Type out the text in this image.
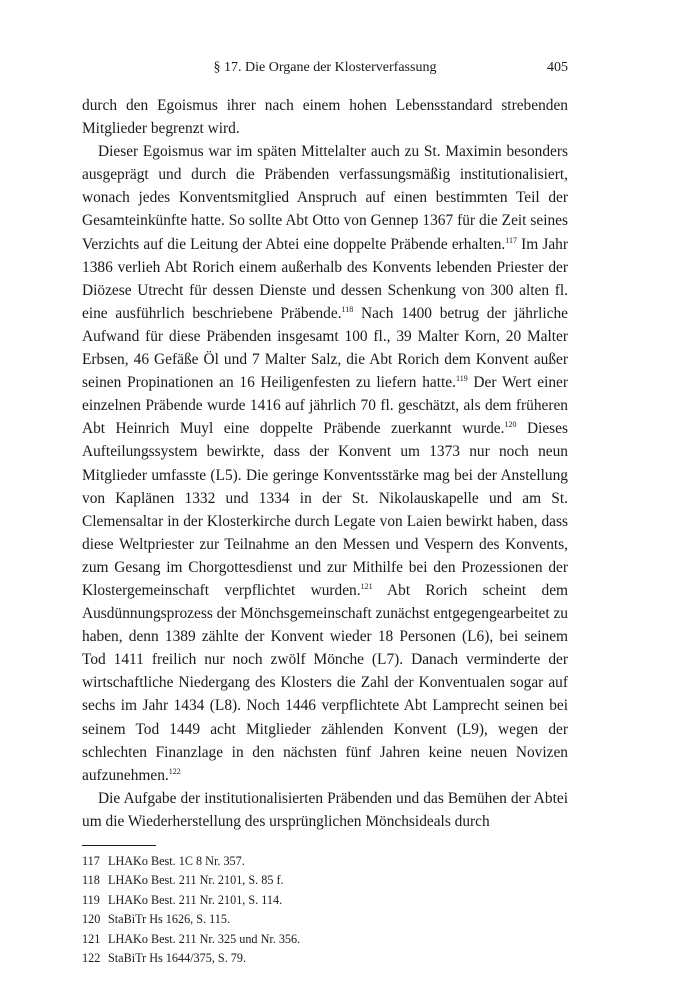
§ 17. Die Organe der Klosterverfassung	405

durch den Egoismus ihrer nach einem hohen Lebensstandard strebenden Mitglieder begrenzt wird.

Dieser Egoismus war im späten Mittelalter auch zu St. Maximin besonders ausgeprägt und durch die Präbenden verfassungsmäßig institutionalisiert, wonach jedes Konventsmitglied Anspruch auf einen bestimmten Teil der Gesamteinkünfte hatte. So sollte Abt Otto von Gennep 1367 für die Zeit seines Verzichts auf die Leitung der Abtei eine doppelte Präbende erhalten.$^{117}$ Im Jahr 1386 verlieh Abt Rorich einem außerhalb des Konvents lebenden Priester der Diözese Utrecht für dessen Dienste und dessen Schenkung von 300 alten fl. eine ausführlich beschriebene Präbende.$^{118}$ Nach 1400 betrug der jährliche Aufwand für diese Präbenden insgesamt 100 fl., 39 Malter Korn, 20 Malter Erbsen, 46 Gefäße Öl und 7 Malter Salz, die Abt Rorich dem Konvent außer seinen Propinationen an 16 Heiligenfesten zu liefern hatte.$^{119}$ Der Wert einer einzelnen Präbende wurde 1416 auf jährlich 70 fl. geschätzt, als dem früheren Abt Heinrich Muyl eine doppelte Präbende zuerkannt wurde.$^{120}$ Dieses Aufteilungssystem bewirkte, dass der Konvent um 1373 nur noch neun Mitglieder umfasste (L5). Die geringe Konventsstärke mag bei der Anstellung von Kaplänen 1332 und 1334 in der St. Nikolauskapelle und am St. Clemensaltar in der Klosterkirche durch Legate von Laien bewirkt haben, dass diese Weltpriester zur Teilnahme an den Messen und Vespern des Konvents, zum Gesang im Chorgottesdienst und zur Mithilfe bei den Prozessionen der Klostergemeinschaft verpflichtet wurden.$^{121}$ Abt Rorich scheint dem Ausdünnungsprozess der Mönchsgemeinschaft zunächst entgegengearbeitet zu haben, denn 1389 zählte der Konvent wieder 18 Personen (L6), bei seinem Tod 1411 freilich nur noch zwölf Mönche (L7). Danach verminderte der wirtschaftliche Niedergang des Klosters die Zahl der Konventualen sogar auf sechs im Jahr 1434 (L8). Noch 1446 verpflichtete Abt Lamprecht seinen bei seinem Tod 1449 acht Mitglieder zählenden Konvent (L9), wegen der schlechten Finanzlage in den nächsten fünf Jahren keine neuen Novizen aufzunehmen.$^{122}$

Die Aufgabe der institutionalisierten Präbenden und das Bemühen der Abtei um die Wiederherstellung des ursprünglichen Mönchsideals durch

117 LHAKo Best. 1C 8 Nr. 357.
118 LHAKo Best. 211 Nr. 2101, S. 85 f.
119 LHAKo Best. 211 Nr. 2101, S. 114.
120 StaBiTr Hs 1626, S. 115.
121 LHAKo Best. 211 Nr. 325 und Nr. 356.
122 StaBiTr Hs 1644/375, S. 79.
